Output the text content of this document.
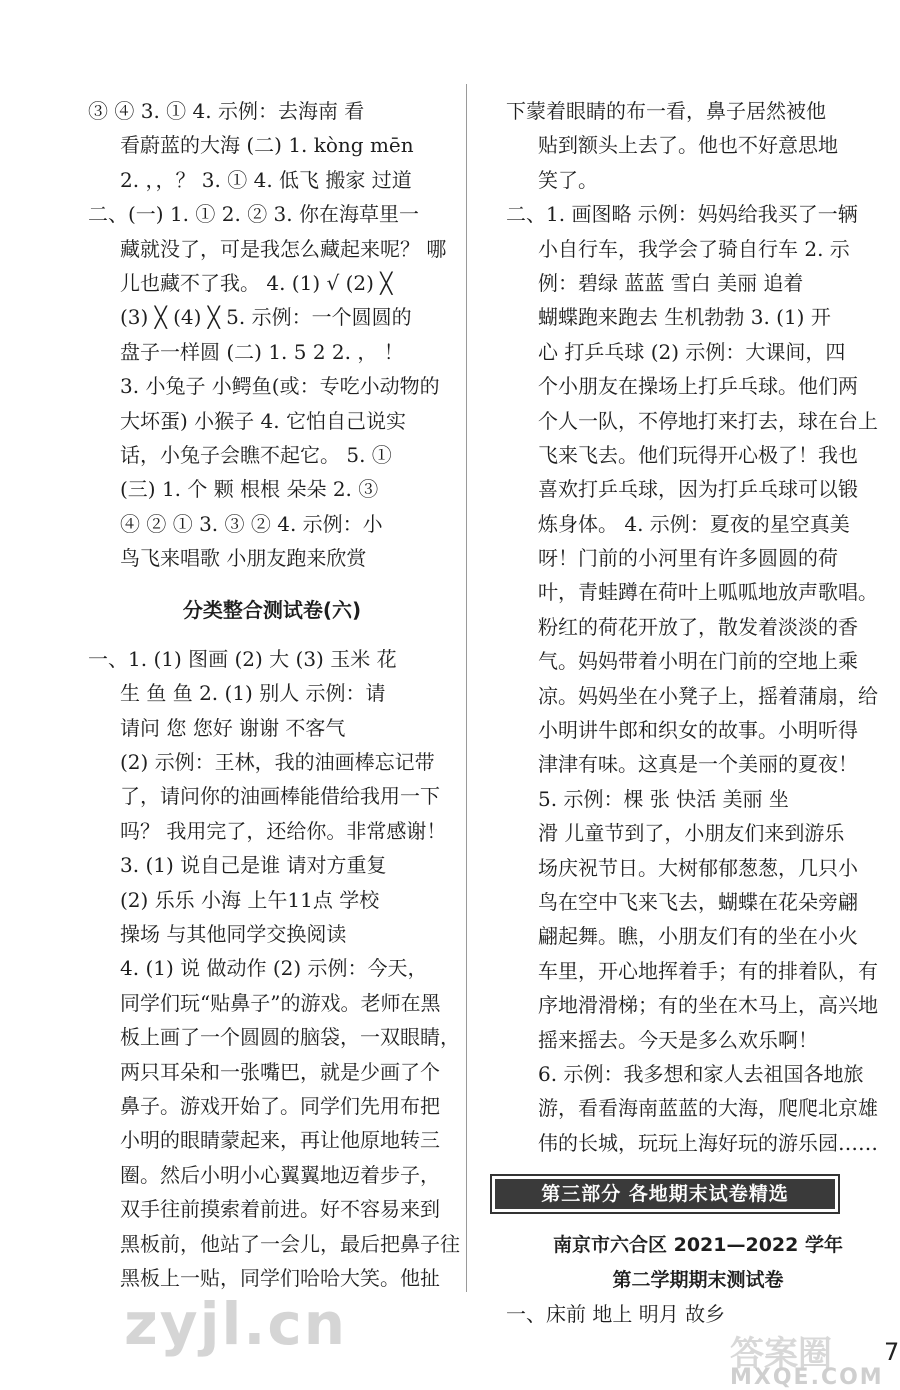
③ ④ 3. ① 4. 示例：去海南 看
看蔚蓝的大海 (二) 1. kòng mēn
2. ，，？ 3. ① 4. 低飞 搬家 过道
二、(一) 1. ① 2. ② 3. 你在海草里一
藏就没了，可是我怎么藏起来呢？ 哪
儿也藏不了我。 4. (1) √ (2) ╳
(3) ╳ (4) ╳ 5. 示例：一个圆圆的
盘子一样圆 (二) 1. 5 2 2. ， ！
3. 小兔子 小鳄鱼(或：专吃小动物的
大坏蛋) 小猴子 4. 它怕自己说实
话，小兔子会瞧不起它。 5. ①
(三) 1. 个 颗 根根 朵朵 2. ③
④ ② ① 3. ③ ② 4. 示例：小
鸟飞来唱歌 小朋友跑来欣赏
分类整合测试卷(六)
一、1. (1) 图画 (2) 大 (3) 玉米 花
生 鱼 鱼 2. (1) 别人 示例：请
请问 您 您好 谢谢 不客气
(2) 示例：王林，我的油画棒忘记带
了，请问你的油画棒能借给我用一下
吗？ 我用完了，还给你。非常感谢！
3. (1) 说自己是谁 请对方重复
(2) 乐乐 小海 上午11点 学校
操场 与其他同学交换阅读
4. (1) 说 做动作 (2) 示例：今天，
同学们玩“贴鼻子”的游戏。老师在黑
板上画了一个圆圆的脑袋，一双眼睛，
两只耳朵和一张嘴巴，就是少画了个
鼻子。游戏开始了。同学们先用布把
小明的眼睛蒙起来，再让他原地转三
圈。然后小明小心翼翼地迈着步子，
双手往前摸索着前进。好不容易来到
黑板前，他站了一会儿，最后把鼻子往
黑板上一贴，同学们哈哈大笑。他扯
下蒙着眼睛的布一看，鼻子居然被他
贴到额头上去了。他也不好意思地
笑了。
二、1. 画图略 示例：妈妈给我买了一辆
小自行车，我学会了骑自行车 2. 示
例：碧绿 蓝蓝 雪白 美丽 追着
蝴蝶跑来跑去 生机勃勃 3. (1) 开
心 打乒乓球 (2) 示例：大课间，四
个小朋友在操场上打乒乓球。他们两
个人一队，不停地打来打去，球在台上
飞来飞去。他们玩得开心极了！我也
喜欢打乒乓球，因为打乒乓球可以锻
炼身体。 4. 示例：夏夜的星空真美
呀！门前的小河里有许多圆圆的荷
叶，青蛙蹲在荷叶上呱呱地放声歌唱。
粉红的荷花开放了，散发着淡淡的香
气。妈妈带着小明在门前的空地上乘
凉。妈妈坐在小凳子上，摇着蒲扇，给
小明讲牛郎和织女的故事。小明听得
津津有味。这真是一个美丽的夏夜！
5. 示例：棵 张 快活 美丽 坐
滑 儿童节到了，小朋友们来到游乐
场庆祝节日。大树郁郁葱葱，几只小
鸟在空中飞来飞去，蝴蝶在花朵旁翩
翩起舞。瞧，小朋友们有的坐在小火
车里，开心地挥着手；有的排着队，有
序地滑滑梯；有的坐在木马上，高兴地
摇来摇去。今天是多么欢乐啊！
6. 示例：我多想和家人去祖国各地旅
游，看看海南蓝蓝的大海，爬爬北京雄
伟的长城，玩玩上海好玩的游乐园……
第三部分 各地期末试卷精选
南京市六合区 2021—2022 学年
第二学期期末测试卷
一、床前 地上 明月 故乡
zyjl.cn	答案圈
MXQE.COM
7
